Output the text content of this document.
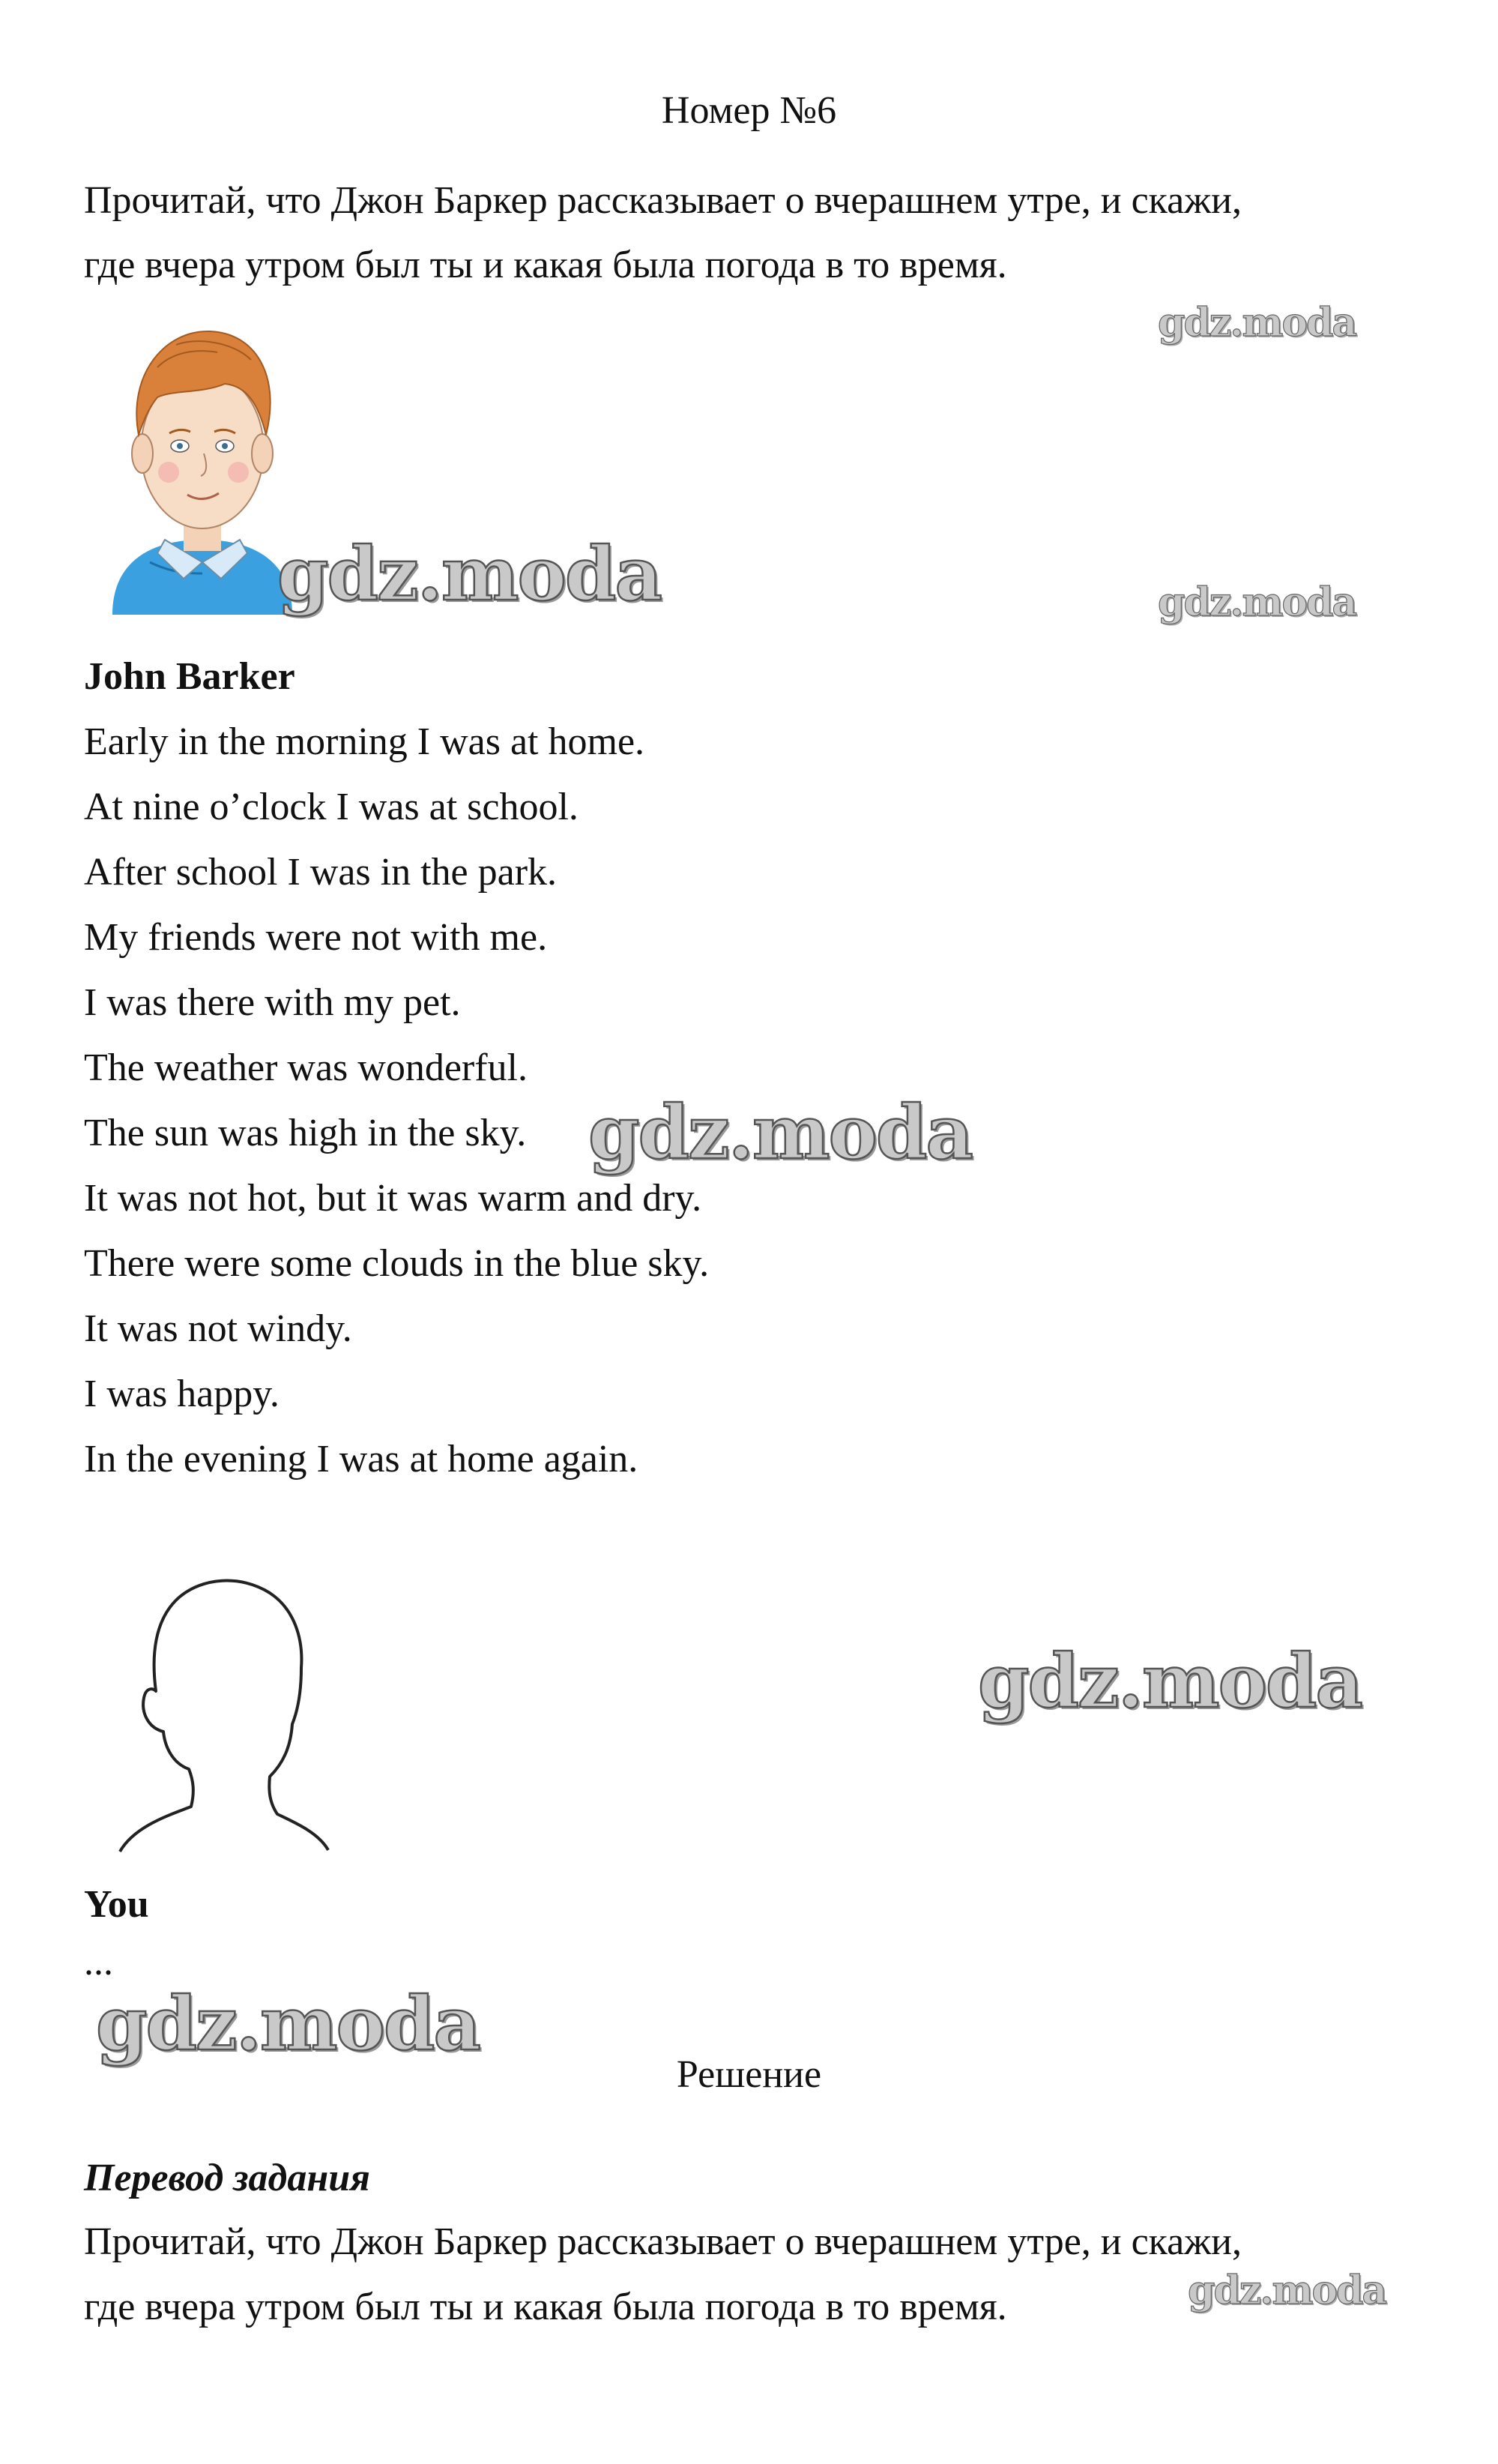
Номер №6
Прочитай, что Джон Баркер рассказывает о вчерашнем утре, и скажи,
где вчера утром был ты и какая была погода в то время.
gdz.moda
gdz.moda
gdz.moda
John Barker
Early in the morning I was at home.
At nine o’clock I was at school.
After school I was in the park.
My friends were not with me.
I was there with my pet.
The weather was wonderful.
The sun was high in the sky.
It was not hot, but it was warm and dry.
There were some clouds in the blue sky.
It was not windy.
I was happy.
In the evening I was at home again.
gdz.moda
gdz.moda
You
...
gdz.moda
Решение
Перевод задания
Прочитай, что Джон Баркер рассказывает о вчерашнем утре, и скажи,
где вчера утром был ты и какая была погода в то время.	gdz.moda
